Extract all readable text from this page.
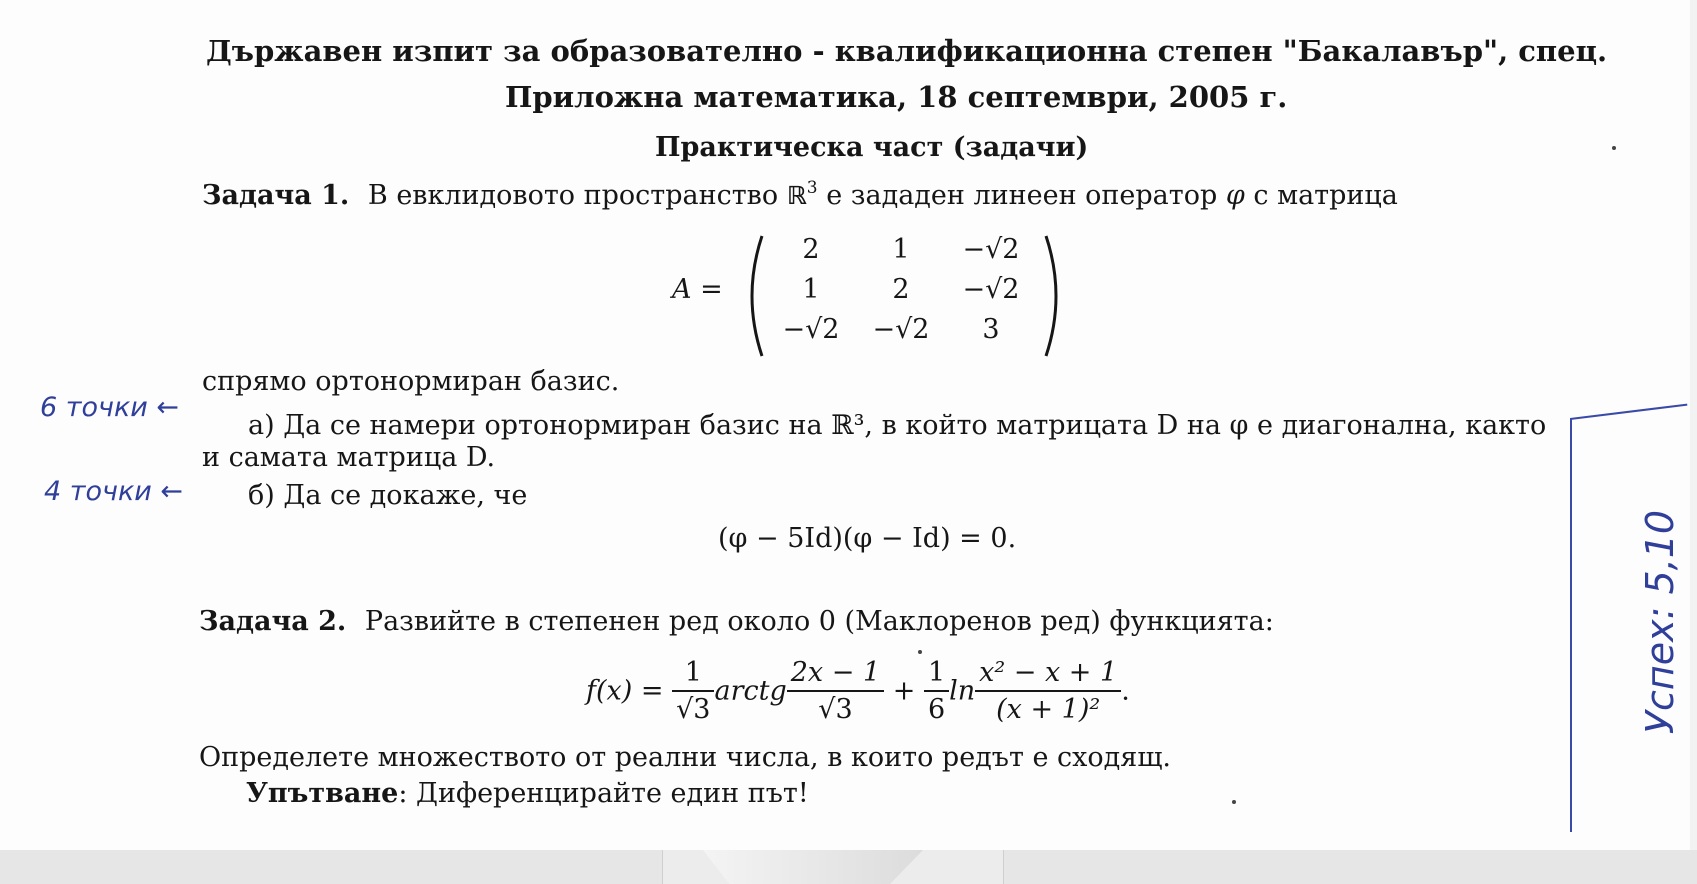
Държавен изпит за образователно - квалификационна степен "Бакалавър", спец.
Приложна математика, 18 септември, 2005 г.
Практическа част (задачи)
Задача 1. В евклидовото пространство ℝ$^3$ е зададен линеен оператор φ с матрица
A =
2	1	−√2
1	2	−√2
−√2	−√2	3
спрямо ортонормиран базис.
а) Да се намери ортонормиран базис на ℝ³, в който матрицата D на φ е диагонална, както
и самата матрица D.
б) Да се докаже, че
(φ − 5Id)(φ − Id) = 0.
Задача 2. Развийте в степенен ред около 0 (Маклоренов ред) функцията:
$f(x) = \frac{1}{√3}$ arctg $\frac{2x - 1}{√3} + \frac{1}{6}$ $\ln \frac{\text{x² − x + 1}}{\text{(x + 1)²}}$ .
Определете множеството от реални числа, в които редът е сходящ.
Упътване: Диференцирайте един път!
6 точки ←
4 точки ←
Успех: 5,10
